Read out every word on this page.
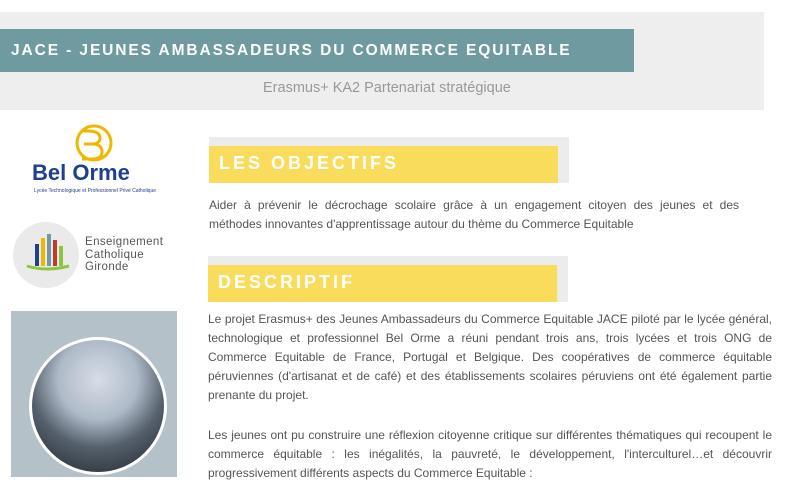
JACE - JEUNES AMBASSADEURS DU COMMERCE EQUITABLE
Erasmus+ KA2 Partenariat stratégique
Bel Orme
Lycée Technologique et Professionnel Privé Catholique
Enseignement
Catholique
Gironde
LES OBJECTIFS

Aider à prévenir le décrochage scolaire grâce à un engagement citoyen des jeunes et des méthodes innovantes d'apprentissage autour du thème du Commerce Equitable

DESCRIPTIF

Le projet Erasmus+ des Jeunes Ambassadeurs du Commerce Equitable JACE piloté par le lycée général, technologique et professionnel Bel Orme a réuni pendant trois ans, trois lycées et trois ONG de Commerce Equitable de France, Portugal et Belgique. Des coopératives de commerce équitable péruviennes (d'artisanat et de café) et des établissements scolaires péruviens ont été également partie prenante du projet.

Les jeunes ont pu construire une réflexion citoyenne critique sur différentes thématiques qui recoupent le commerce équitable : les inégalités, la pauvreté, le développement, l'interculturel…et découvrir progressivement différents aspects du Commerce Equitable :
